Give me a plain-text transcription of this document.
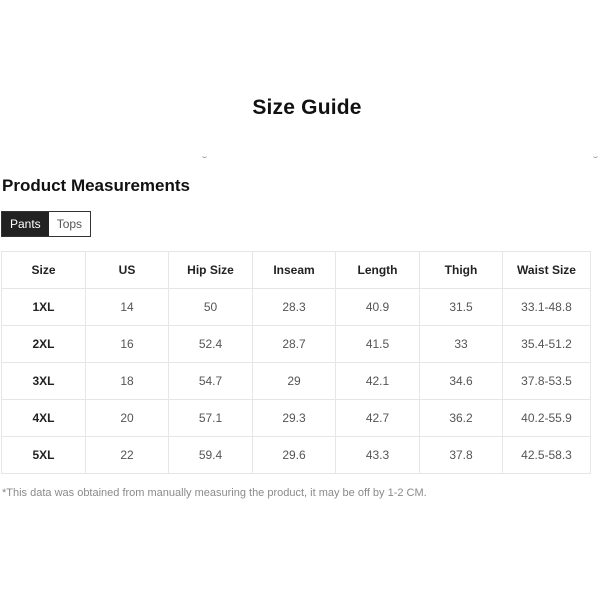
Size Guide
Product Measurements
Pants	Tops
Size	US	Hip Size	Inseam	Length	Thigh	Waist Size
1XL	14	50	28.3	40.9	31.5	33.1-48.8
2XL	16	52.4	28.7	41.5	33	35.4-51.2
3XL	18	54.7	29	42.1	34.6	37.8-53.5
4XL	20	57.1	29.3	42.7	36.2	40.2-55.9
5XL	22	59.4	29.6	43.3	37.8	42.5-58.3
*This data was obtained from manually measuring the product, it may be off by 1-2 CM.
